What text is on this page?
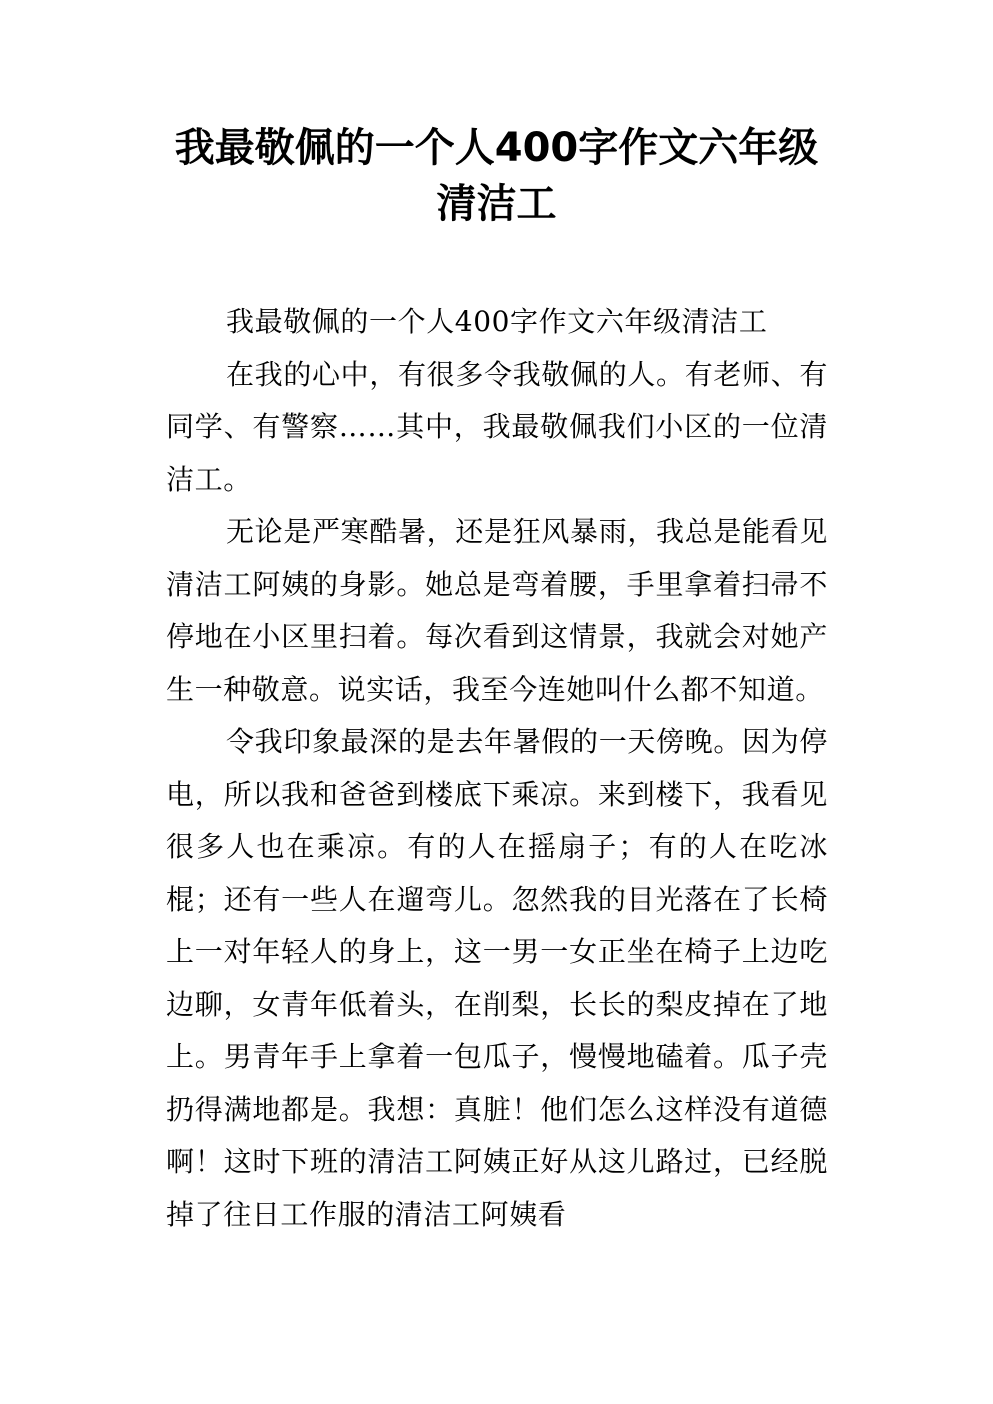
我最敬佩的一个人400字作文六年级
清洁工

我最敬佩的一个人400字作文六年级清洁工

在我的心中，有很多令我敬佩的人。有老师、有同学、有警察……其中，我最敬佩我们小区的一位清洁工。

无论是严寒酷暑，还是狂风暴雨，我总是能看见清洁工阿姨的身影。她总是弯着腰，手里拿着扫帚不停地在小区里扫着。每次看到这情景，我就会对她产生一种敬意。说实话，我至今连她叫什么都不知道。

令我印象最深的是去年暑假的一天傍晚。因为停电，所以我和爸爸到楼底下乘凉。来到楼下，我看见很多人也在乘凉。有的人在摇扇子；有的人在吃冰棍；还有一些人在遛弯儿。忽然我的目光落在了长椅上一对年轻人的身上，这一男一女正坐在椅子上边吃边聊，女青年低着头，在削梨，长长的梨皮掉在了地上。男青年手上拿着一包瓜子，慢慢地磕着。瓜子壳扔得满地都是。我想：真脏！他们怎么这样没有道德啊！这时下班的清洁工阿姨正好从这儿路过，已经脱掉了往日工作服的清洁工阿姨看
